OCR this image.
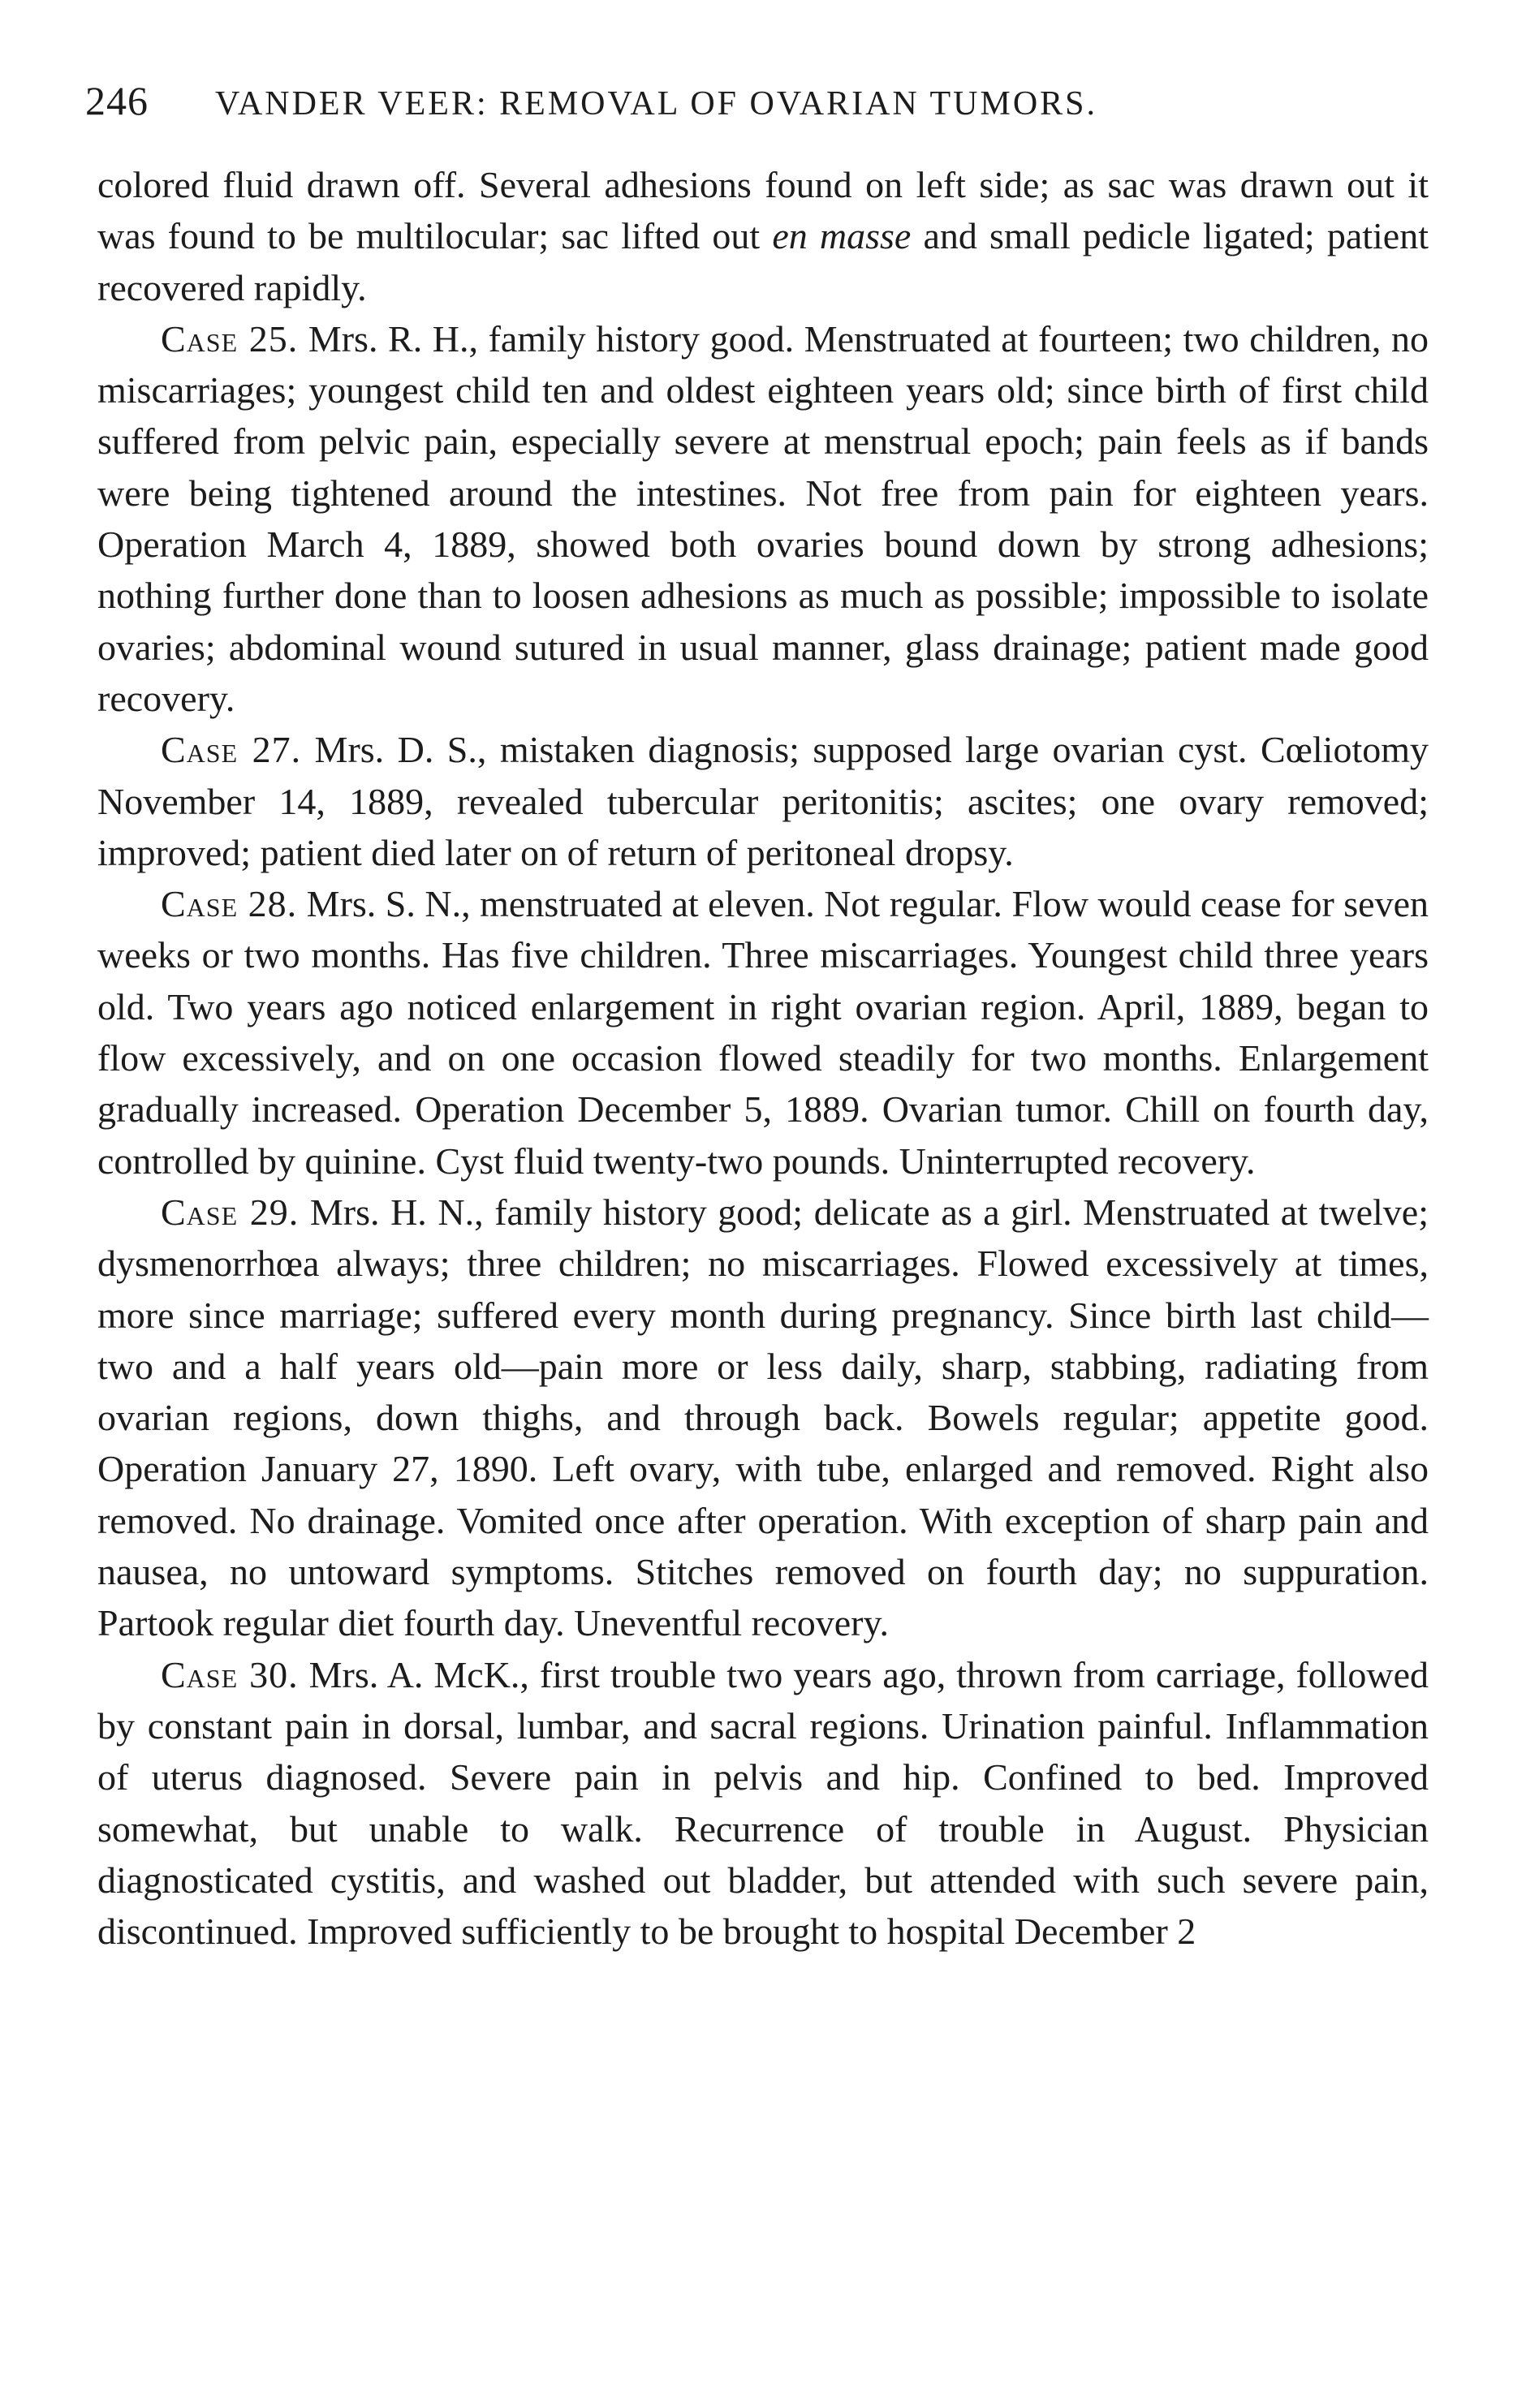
246 VANDER VEER: REMOVAL OF OVARIAN TUMORS.

colored fluid drawn off. Several adhesions found on left side; as sac was drawn out it was found to be multilocular; sac lifted out en masse and small pedicle ligated; patient recovered rapidly.

Case 25. Mrs. R. H., family history good. Menstruated at fourteen; two children, no miscarriages; youngest child ten and oldest eighteen years old; since birth of first child suffered from pelvic pain, especially severe at menstrual epoch; pain feels as if bands were being tightened around the intestines. Not free from pain for eighteen years. Operation March 4, 1889, showed both ovaries bound down by strong adhesions; nothing further done than to loosen adhesions as much as possible; impossible to isolate ovaries; abdominal wound sutured in usual manner, glass drainage; patient made good recovery.

Case 27. Mrs. D. S., mistaken diagnosis; supposed large ovarian cyst. Cœliotomy November 14, 1889, revealed tubercular peritonitis; ascites; one ovary removed; improved; patient died later on of return of peritoneal dropsy.

Case 28. Mrs. S. N., menstruated at eleven. Not regular. Flow would cease for seven weeks or two months. Has five children. Three miscarriages. Youngest child three years old. Two years ago noticed enlargement in right ovarian region. April, 1889, began to flow excessively, and on one occasion flowed steadily for two months. Enlargement gradually increased. Operation December 5, 1889. Ovarian tumor. Chill on fourth day, controlled by quinine. Cyst fluid twenty-two pounds. Uninterrupted recovery.

Case 29. Mrs. H. N., family history good; delicate as a girl. Menstruated at twelve; dysmenorrhœa always; three children; no miscarriages. Flowed excessively at times, more since marriage; suffered every month during pregnancy. Since birth last child—two and a half years old—pain more or less daily, sharp, stabbing, radiating from ovarian regions, down thighs, and through back. Bowels regular; appetite good. Operation January 27, 1890. Left ovary, with tube, enlarged and removed. Right also removed. No drainage. Vomited once after operation. With exception of sharp pain and nausea, no untoward symptoms. Stitches removed on fourth day; no suppuration. Partook regular diet fourth day. Uneventful recovery.

Case 30. Mrs. A. McK., first trouble two years ago, thrown from carriage, followed by constant pain in dorsal, lumbar, and sacral regions. Urination painful. Inflammation of uterus diagnosed. Severe pain in pelvis and hip. Confined to bed. Improved somewhat, but unable to walk. Recurrence of trouble in August. Physician diagnosticated cystitis, and washed out bladder, but attended with such severe pain, discontinued. Improved sufficiently to be brought to hospital December 2
